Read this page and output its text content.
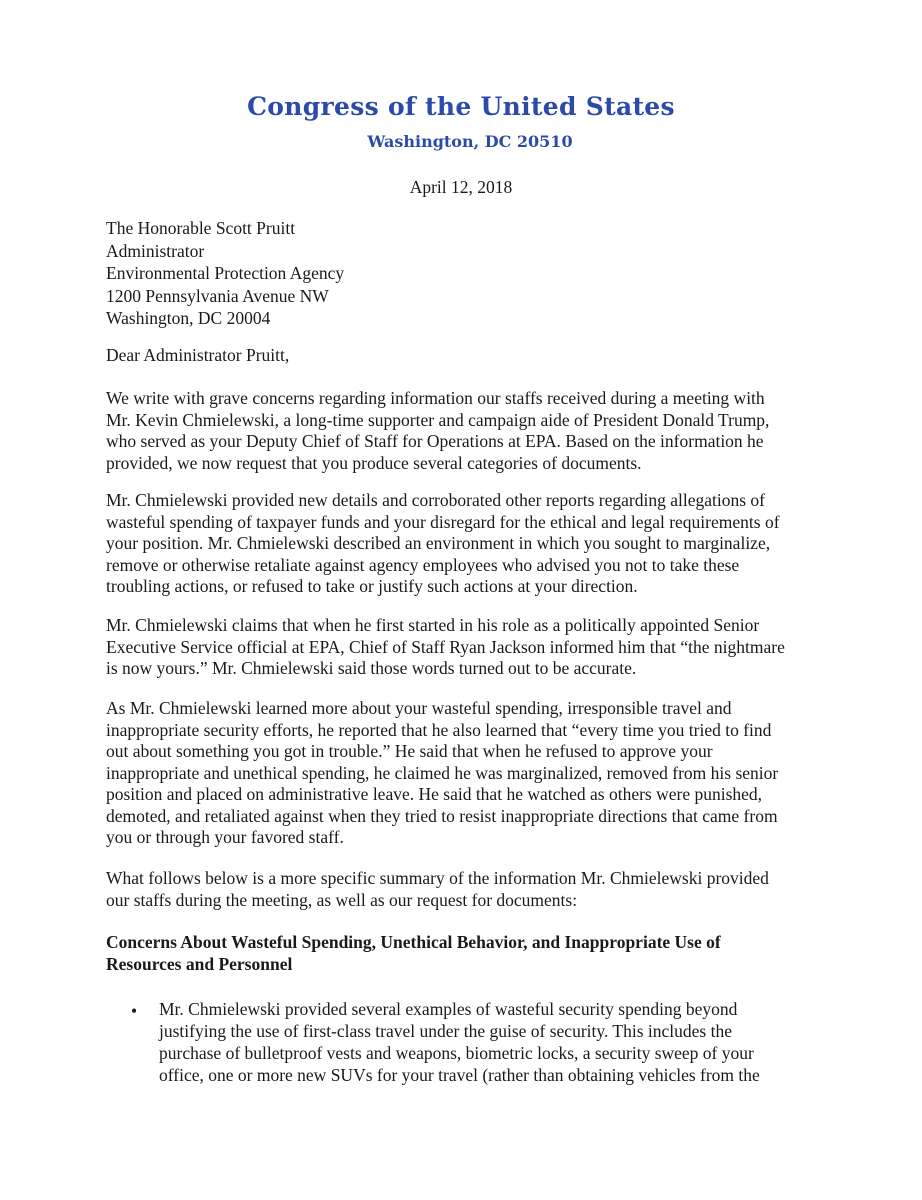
Congress of the United States
Washington, DC 20510
April 12, 2018
The Honorable Scott Pruitt
Administrator
Environmental Protection Agency
1200 Pennsylvania Avenue NW
Washington, DC 20004
Dear Administrator Pruitt,
We write with grave concerns regarding information our staffs received during a meeting with
Mr. Kevin Chmielewski, a long-time supporter and campaign aide of President Donald Trump,
who served as your Deputy Chief of Staff for Operations at EPA. Based on the information he
provided, we now request that you produce several categories of documents.
Mr. Chmielewski provided new details and corroborated other reports regarding allegations of
wasteful spending of taxpayer funds and your disregard for the ethical and legal requirements of
your position. Mr. Chmielewski described an environment in which you sought to marginalize,
remove or otherwise retaliate against agency employees who advised you not to take these
troubling actions, or refused to take or justify such actions at your direction.
Mr. Chmielewski claims that when he first started in his role as a politically appointed Senior
Executive Service official at EPA, Chief of Staff Ryan Jackson informed him that “the nightmare
is now yours.” Mr. Chmielewski said those words turned out to be accurate.
As Mr. Chmielewski learned more about your wasteful spending, irresponsible travel and
inappropriate security efforts, he reported that he also learned that “every time you tried to find
out about something you got in trouble.” He said that when he refused to approve your
inappropriate and unethical spending, he claimed he was marginalized, removed from his senior
position and placed on administrative leave. He said that he watched as others were punished,
demoted, and retaliated against when they tried to resist inappropriate directions that came from
you or through your favored staff.
What follows below is a more specific summary of the information Mr. Chmielewski provided
our staffs during the meeting, as well as our request for documents:
Concerns About Wasteful Spending, Unethical Behavior, and Inappropriate Use of
Resources and Personnel
• Mr. Chmielewski provided several examples of wasteful security spending beyond
justifying the use of first-class travel under the guise of security. This includes the
purchase of bulletproof vests and weapons, biometric locks, a security sweep of your
office, one or more new SUVs for your travel (rather than obtaining vehicles from the
